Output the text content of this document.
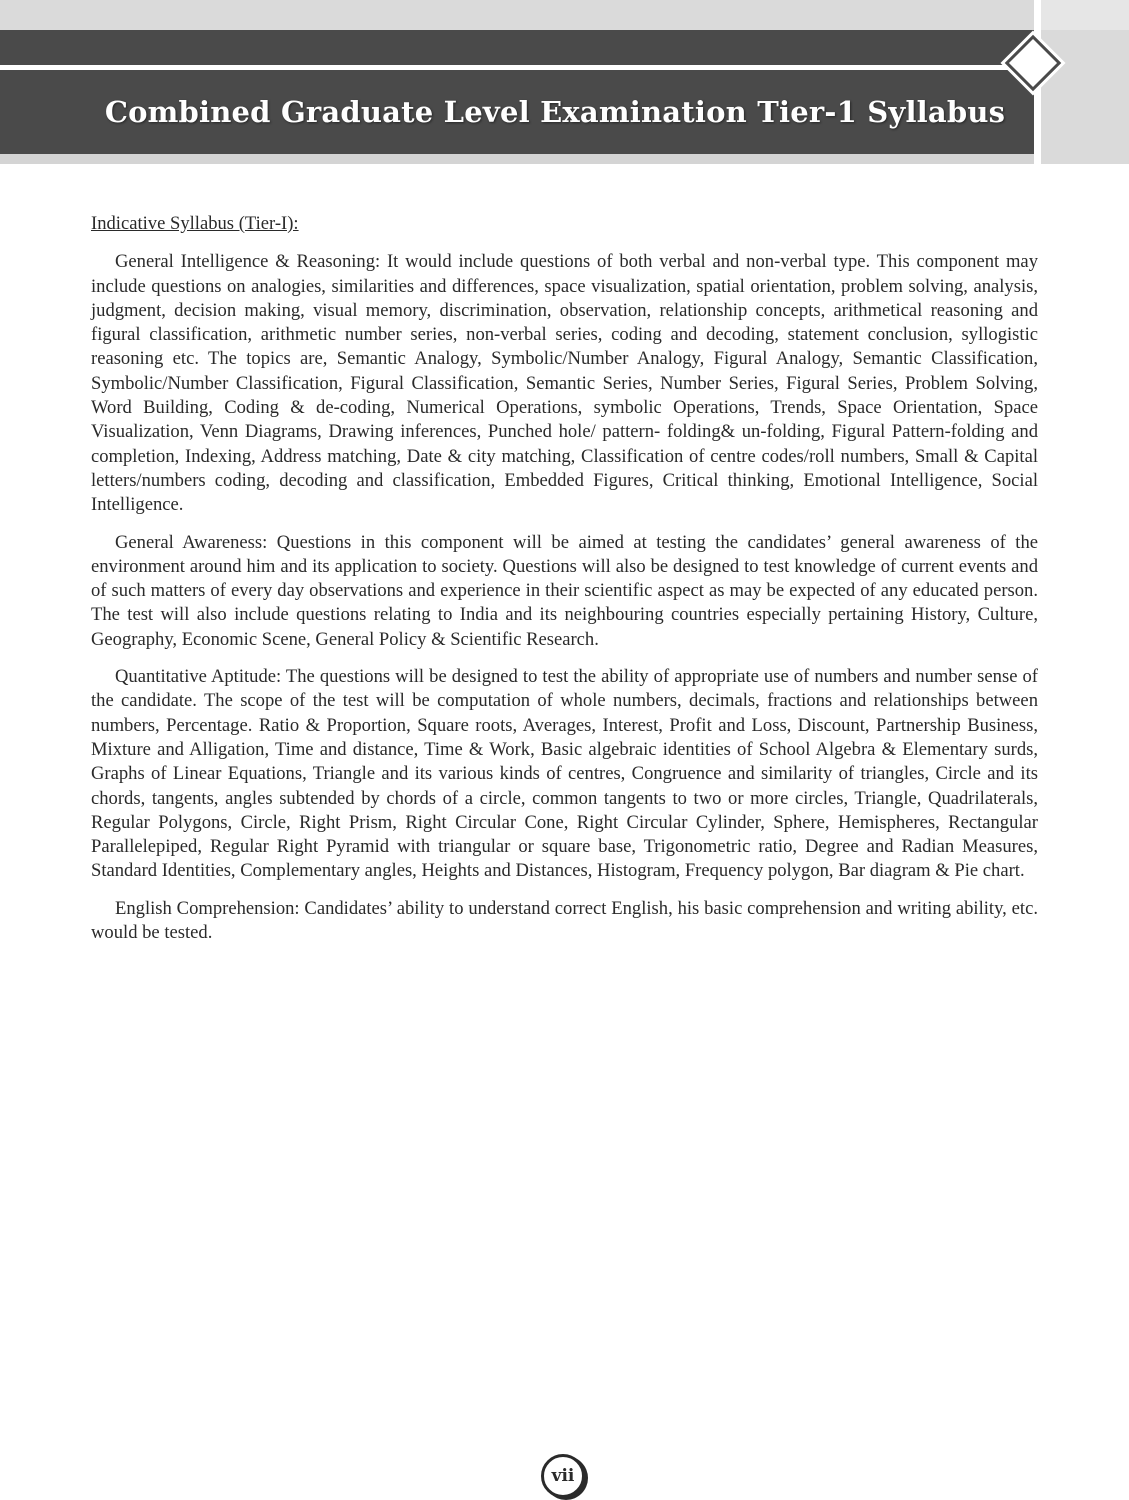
Combined Graduate Level Examination Tier-1 Syllabus

Indicative Syllabus (Tier-I):

General Intelligence & Reasoning: It would include questions of both verbal and non-verbal type. This component may include questions on analogies, similarities and differences, space visualization, spatial orientation, problem solving, analysis, judgment, decision making, visual memory, discrimination, observation, relationship concepts, arithmetical reasoning and figural classification, arithmetic number series, non-verbal series, coding and decoding, statement conclusion, syllogistic reasoning etc. The topics are, Semantic Analogy, Symbolic/Number Analogy, Figural Analogy, Semantic Classification, Symbolic/Number Classification, Figural Classification, Semantic Series, Number Series, Figural Series, Problem Solving, Word Building, Coding & de-coding, Numerical Operations, symbolic Operations, Trends, Space Orientation, Space Visualization, Venn Diagrams, Drawing inferences, Punched hole/ pattern- folding& un-folding, Figural Pattern-folding and completion, Indexing, Address matching, Date & city matching, Classification of centre codes/roll numbers, Small & Capital letters/numbers coding, decoding and classification, Embedded Figures, Critical thinking, Emotional Intelligence, Social Intelligence.

General Awareness: Questions in this component will be aimed at testing the candidates’ general awareness of the environment around him and its application to society. Questions will also be designed to test knowledge of current events and of such matters of every day observations and experience in their scientific aspect as may be expected of any educated person. The test will also include questions relating to India and its neighbouring countries especially pertaining History, Culture, Geography, Economic Scene, General Policy & Scientific Research.

Quantitative Aptitude: The questions will be designed to test the ability of appropriate use of numbers and number sense of the candidate. The scope of the test will be computation of whole numbers, decimals, fractions and relationships between numbers, Percentage. Ratio & Proportion, Square roots, Averages, Interest, Profit and Loss, Discount, Partnership Business, Mixture and Alligation, Time and distance, Time & Work, Basic algebraic identities of School Algebra & Elementary surds, Graphs of Linear Equations, Triangle and its various kinds of centres, Congruence and similarity of triangles, Circle and its chords, tangents, angles subtended by chords of a circle, common tangents to two or more circles, Triangle, Quadrilaterals, Regular Polygons, Circle, Right Prism, Right Circular Cone, Right Circular Cylinder, Sphere, Hemispheres, Rectangular Parallelepiped, Regular Right Pyramid with triangular or square base, Trigonometric ratio, Degree and Radian Measures, Standard Identities, Complementary angles, Heights and Distances, Histogram, Frequency polygon, Bar diagram & Pie chart.

English Comprehension: Candidates’ ability to understand correct English, his basic comprehension and writing ability, etc. would be tested.

vii
